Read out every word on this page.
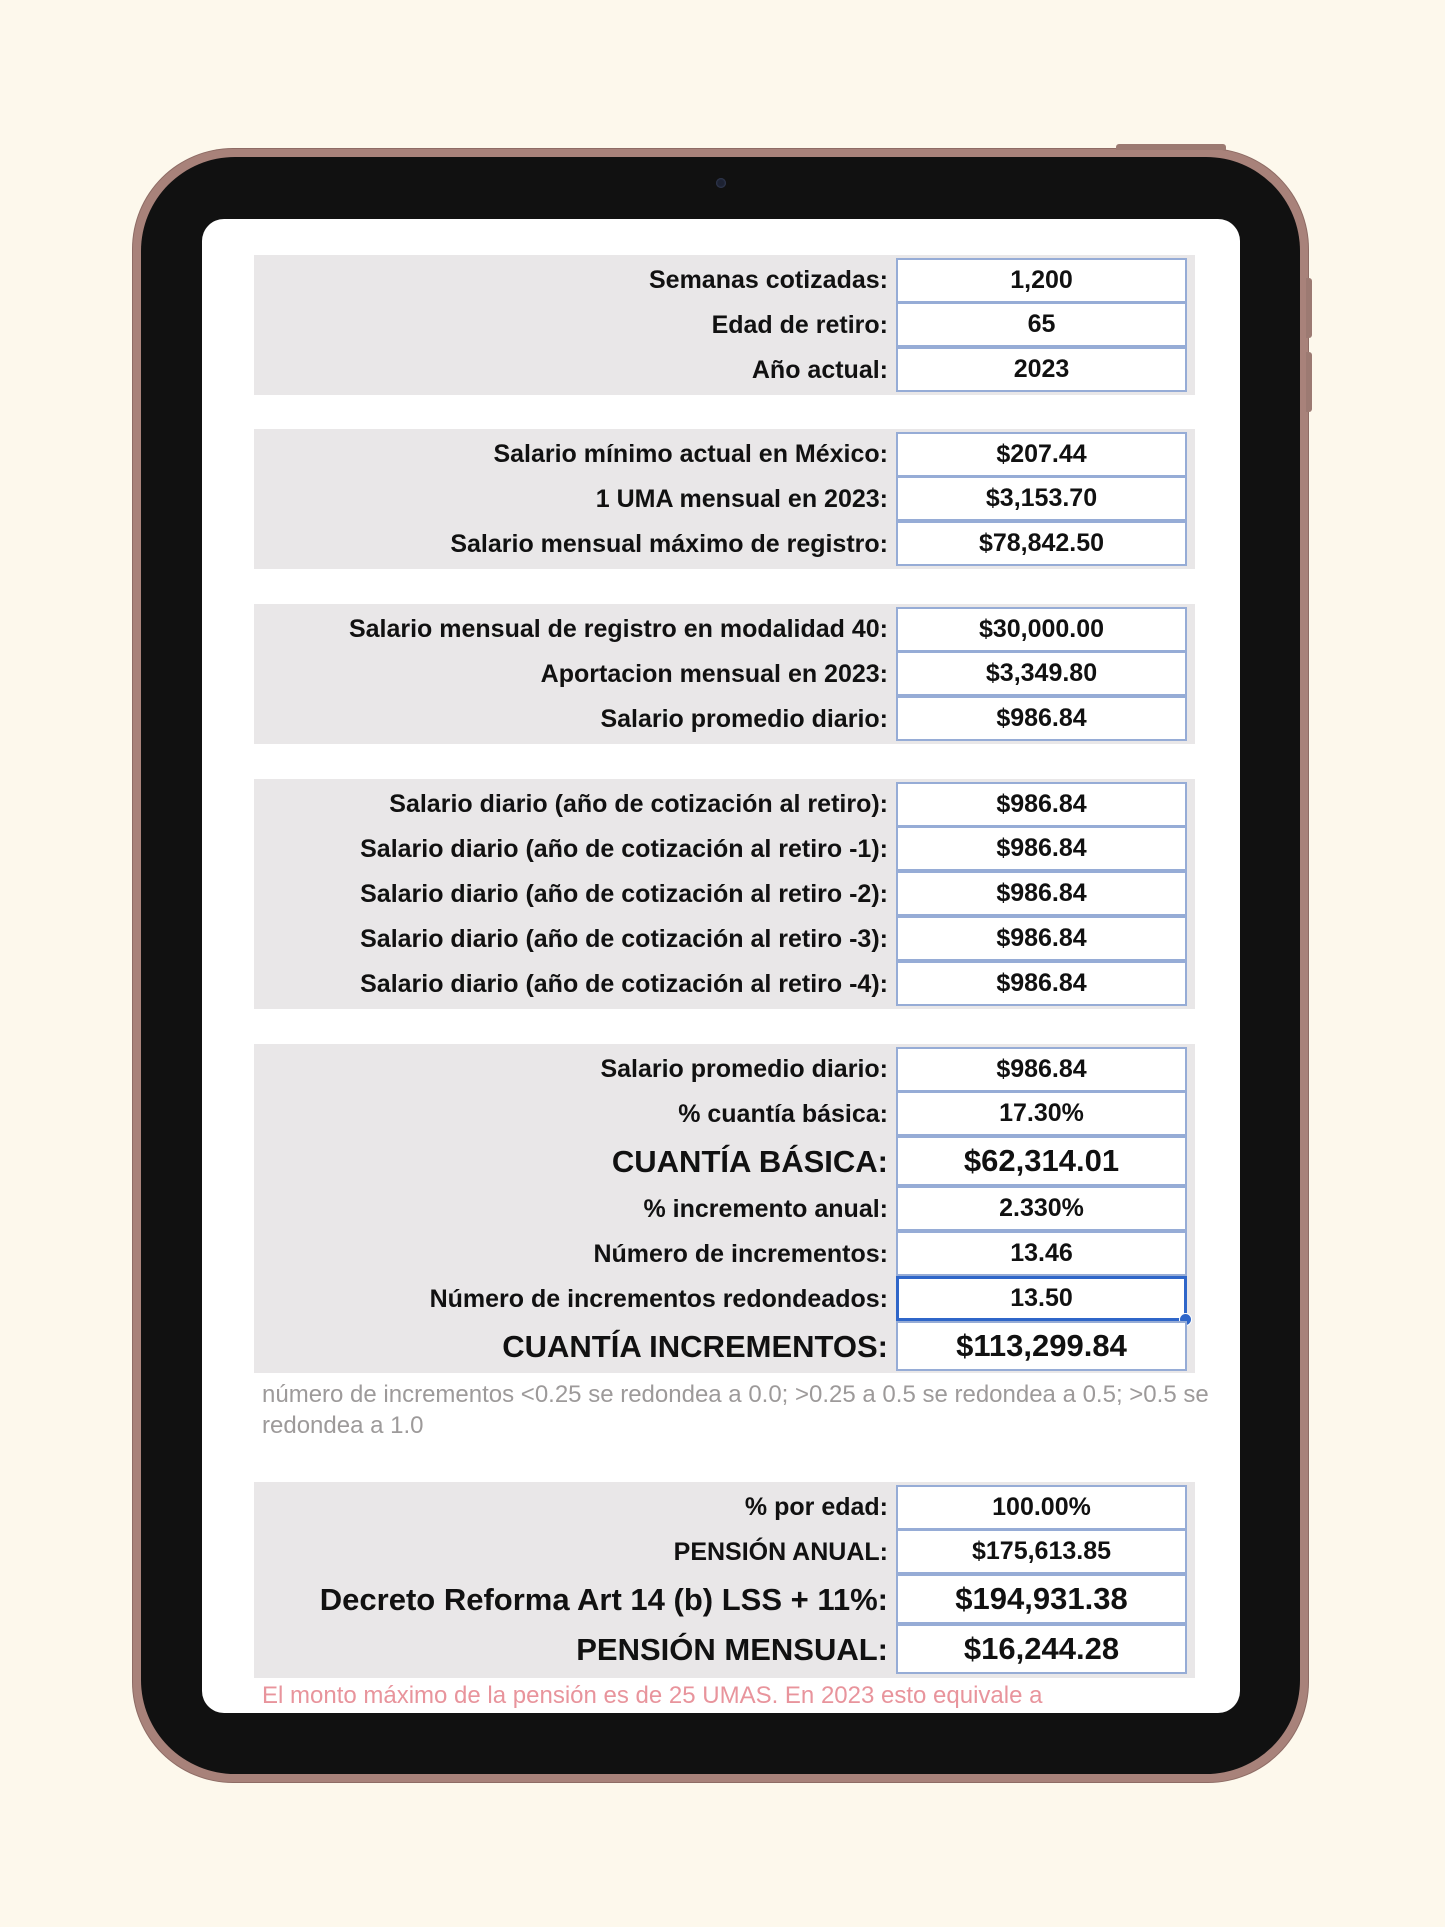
Semanas cotizadas:	1,200
Edad de retiro:	65
Año actual:	2023
Salario mínimo actual en México:	$207.44
1 UMA mensual en 2023:	$3,153.70
Salario mensual máximo de registro:	$78,842.50
Salario mensual de registro en modalidad 40:	$30,000.00
Aportacion mensual en 2023:	$3,349.80
Salario promedio diario:	$986.84
Salario diario (año de cotización al retiro):	$986.84
Salario diario (año de cotización al retiro -1):	$986.84
Salario diario (año de cotización al retiro -2):	$986.84
Salario diario (año de cotización al retiro -3):	$986.84
Salario diario (año de cotización al retiro -4):	$986.84
Salario promedio diario:	$986.84
% cuantía básica:	17.30%
CUANTÍA BÁSICA:	$62,314.01
% incremento anual:	2.330%
Número de incrementos:	13.46
Número de incrementos redondeados:	13.50
CUANTÍA INCREMENTOS:	$113,299.84
número de incrementos <0.25 se redondea a 0.0; >0.25 a 0.5 se redondea a 0.5; >0.5 se redondea a 1.0
% por edad:	100.00%
PENSIÓN ANUAL:	$175,613.85
Decreto Reforma Art 14 (b) LSS + 11%:	$194,931.38
PENSIÓN MENSUAL:	$16,244.28
El monto máximo de la pensión es de 25 UMAS. En 2023 esto equivale a
